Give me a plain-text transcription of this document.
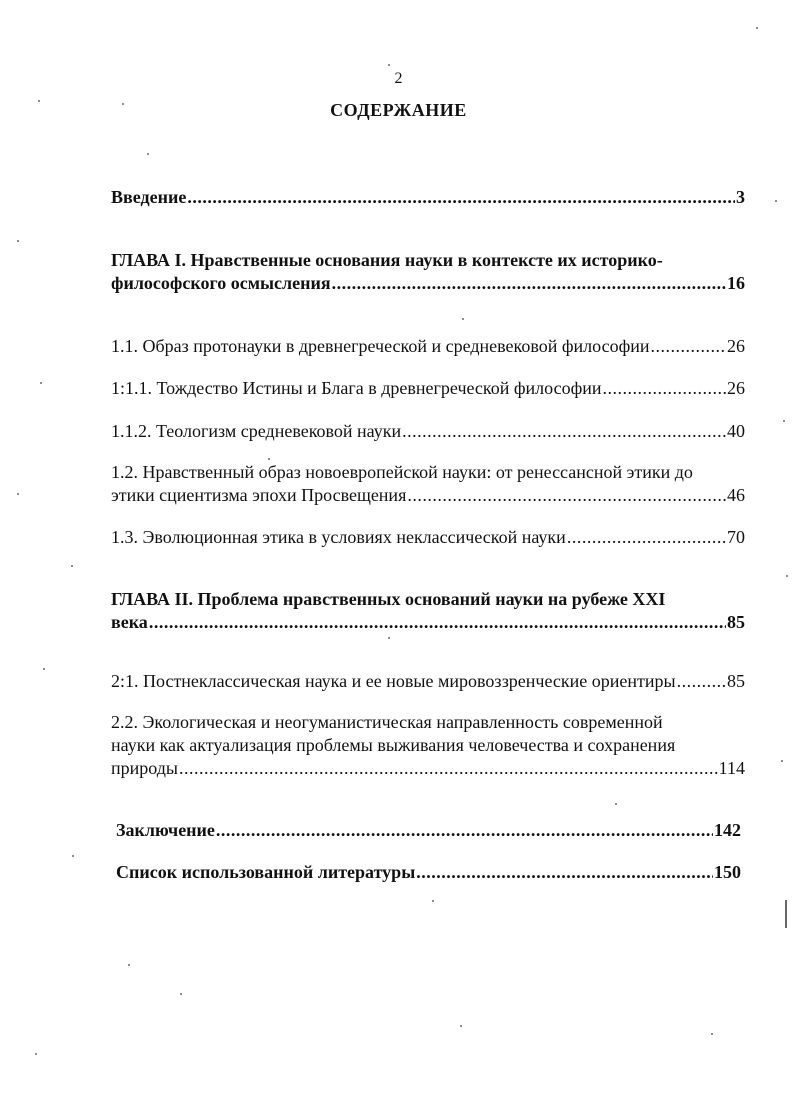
2
СОДЕРЖАНИЕ
Введение .....	3
ГЛАВА I. Нравственные основания науки в контексте их историко-
философского осмысления .....	16
1.1. Образ протонауки в древнегреческой и средневековой философии .....	26
1:1.1. Тождество Истины и Блага в древнегреческой философии .....	26
1.1.2. Теологизм средневековой науки .....	40
1.2. Нравственный образ новоевропейской науки: от ренессансной этики до
этики сциентизма эпохи Просвещения .....	46
1.3. Эволюционная этика в условиях неклассической науки .....	70
ГЛАВА II. Проблема нравственных оснований науки на рубеже XXI
века .....	85
2:1. Постнеклассическая наука и ее новые мировоззренческие ориентиры .....	85
2.2. Экологическая и неогуманистическая направленность современной
науки как актуализация проблемы выживания человечества и сохранения
природы .....	114
Заключение .....	142
Список использованной литературы .....	150
